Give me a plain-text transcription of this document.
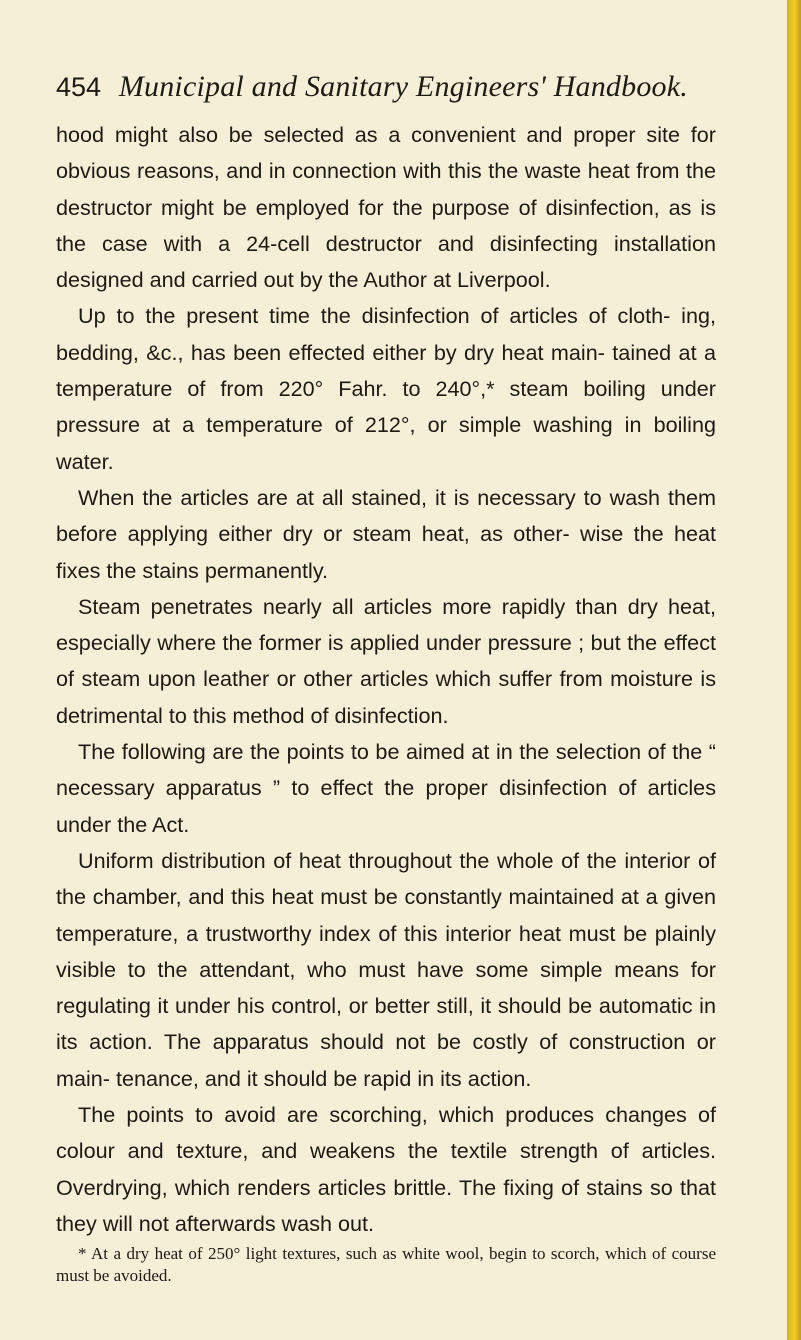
454 Municipal and Sanitary Engineers' Handbook.

hood might also be selected as a convenient and proper site for obvious reasons, and in connection with this the waste heat from the destructor might be employed for the purpose of disinfection, as is the case with a 24-cell destructor and disinfecting installation designed and carried out by the Author at Liverpool.

Up to the present time the disinfection of articles of cloth- ing, bedding, &c., has been effected either by dry heat main- tained at a temperature of from 220° Fahr. to 240°,* steam boiling under pressure at a temperature of 212°, or simple washing in boiling water.

When the articles are at all stained, it is necessary to wash them before applying either dry or steam heat, as other- wise the heat fixes the stains permanently.

Steam penetrates nearly all articles more rapidly than dry heat, especially where the former is applied under pressure ; but the effect of steam upon leather or other articles which suffer from moisture is detrimental to this method of disinfection.

The following are the points to be aimed at in the selection of the “ necessary apparatus ” to effect the proper disinfection of articles under the Act.

Uniform distribution of heat throughout the whole of the interior of the chamber, and this heat must be constantly maintained at a given temperature, a trustworthy index of this interior heat must be plainly visible to the attendant, who must have some simple means for regulating it under his control, or better still, it should be automatic in its action. The apparatus should not be costly of construction or main- tenance, and it should be rapid in its action.

The points to avoid are scorching, which produces changes of colour and texture, and weakens the textile strength of articles. Overdrying, which renders articles brittle. The fixing of stains so that they will not afterwards wash out.

* At a dry heat of 250° light textures, such as white wool, begin to scorch, which of course must be avoided.
